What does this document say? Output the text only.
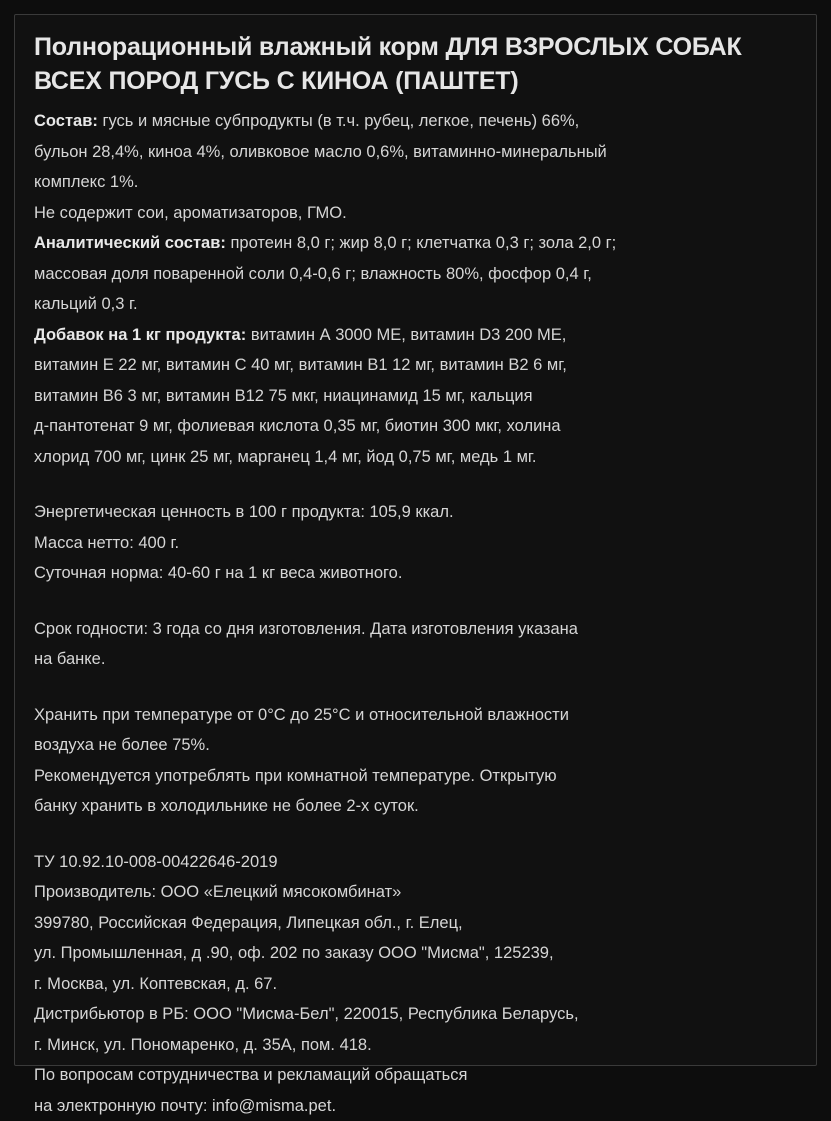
Полнорационный влажный корм ДЛЯ ВЗРОСЛЫХ СОБАК
ВСЕХ ПОРОД ГУСЬ С КИНОА (ПАШТЕТ)

Состав: гусь и мясные субпродукты (в т.ч. рубец, легкое, печень) 66%,

бульон 28,4%, киноа 4%, оливковое масло 0,6%, витаминно-минеральный

комплекс 1%.

Не содержит сои, ароматизаторов, ГМО.

Аналитический состав: протеин 8,0 г; жир 8,0 г; клетчатка 0,3 г; зола 2,0 г;

массовая доля поваренной соли 0,4-0,6 г; влажность 80%, фосфор 0,4 г,

кальций 0,3 г.

Добавок на 1 кг продукта: витамин А 3000 МЕ, витамин D3 200 МЕ,

витамин Е 22 мг, витамин С 40 мг, витамин В1 12 мг, витамин В2 6 мг,

витамин В6 3 мг, витамин В12 75 мкг, ниацинамид 15 мг, кальция

д-пантотенат 9 мг, фолиевая кислота 0,35 мг, биотин 300 мкг, холина

хлорид 700 мг, цинк 25 мг, марганец 1,4 мг, йод 0,75 мг, медь 1 мг.

Энергетическая ценность в 100 г продукта: 105,9 ккал.

Масса нетто: 400 г.

Суточная норма: 40-60 г на 1 кг веса животного.

Срок годности: 3 года со дня изготовления. Дата изготовления указана

на банке.

Хранить при температуре от 0°С до 25°С и относительной влажности

воздуха не более 75%.

Рекомендуется употреблять при комнатной температуре. Открытую

банку хранить в холодильнике не более 2-х суток.

ТУ 10.92.10-008-00422646-2019

Производитель: ООО «Елецкий мясокомбинат»

399780, Российская Федерация, Липецкая обл., г. Елец,

ул. Промышленная, д .90, оф. 202 по заказу ООО "Мисма", 125239,

г. Москва, ул. Коптевская, д. 67.

Дистрибьютор в РБ: ООО "Мисма-Бел", 220015, Республика Беларусь,

г. Минск, ул. Пономаренко, д. 35А, пом. 418.

По вопросам сотрудничества и рекламаций обращаться

на электронную почту: info@misma.pet.
